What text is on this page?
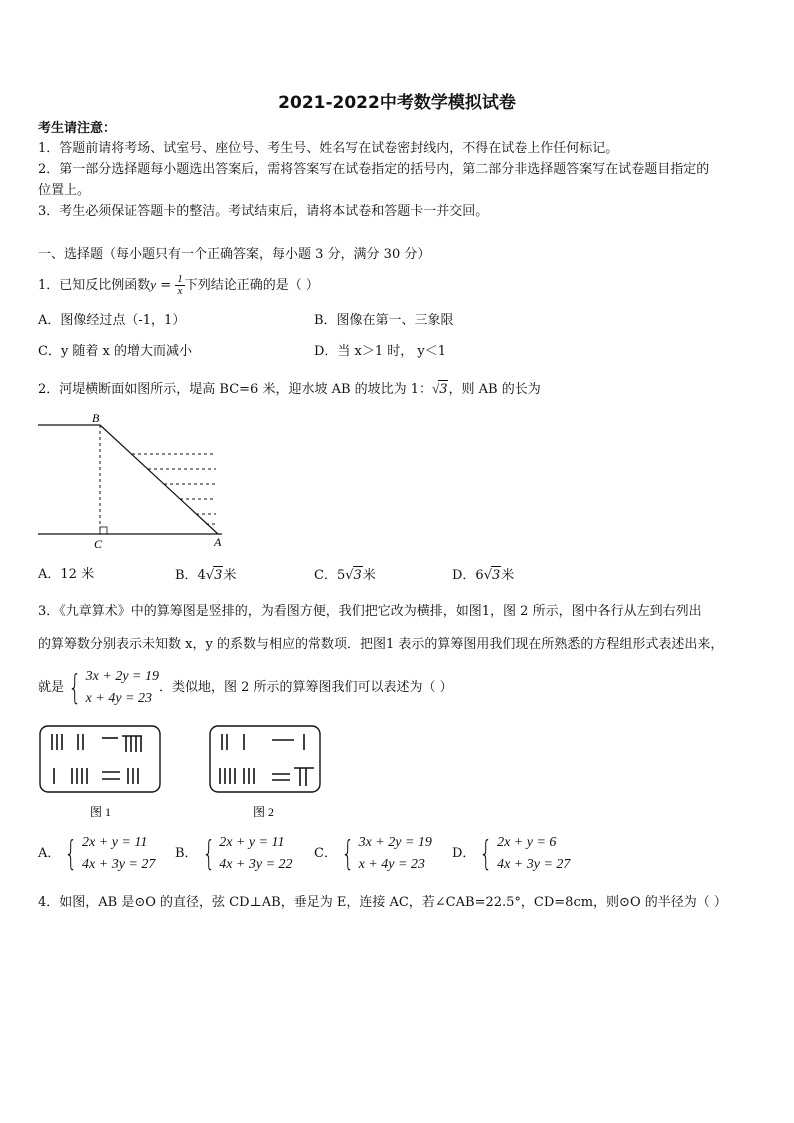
2021-2022中考数学模拟试卷
考生请注意：
1．答题前请将考场、试室号、座位号、考生号、姓名写在试卷密封线内，不得在试卷上作任何标记。
2．第一部分选择题每小题选出答案后，需将答案写在试卷指定的括号内，第二部分非选择题答案写在试卷题目指定的
位置上。
3．考生必须保证答题卡的整洁。考试结束后，请将本试卷和答题卡一并交回。
一、选择题（每小题只有一个正确答案，每小题 3 分，满分 30 分）
1．已知反比例函数$y = \frac{1}{x}$ 下列结论正确的是（ ）
A．图像经过点（-1，1）	B．图像在第一、三象限
C．y 随着 x 的增大而减小	D．当 x＞1 时， y＜1
2．河堤横断面如图所示，堤高 BC=6 米，迎水坡 AB 的坡比为 1：√3，则 AB 的长为
B
C	A
A．12 米	B．4√3米	C．5√3米	D．6√3米
3．《九章算术》中的算筹图是竖排的，为看图方便，我们把它改为横排，如图1，图 2 所示，图中各行从左到右列出
的算筹数分别表示未知数 x，y 的系数与相应的常数项．把图1 表示的算筹图用我们现在所熟悉的方程组形式表述出来，
就是 { 3x + 2y = 19
x + 4y = 23
．类似地，图 2 所示的算筹图我们可以表述为（ ）
图 1	图 2
A． { 2x + y = 11
4x + 3y = 27
B． { 2x + y = 11
4x + 3y = 22
C． { 3x + 2y = 19
x + 4y = 23
D． { 2x + y = 6
4x + 3y = 27
4．如图，AB 是⊙O 的直径，弦 CD⊥AB，垂足为 E，连接 AC，若∠CAB=22.5°，CD=8cm，则⊙O 的半径为（ ）
